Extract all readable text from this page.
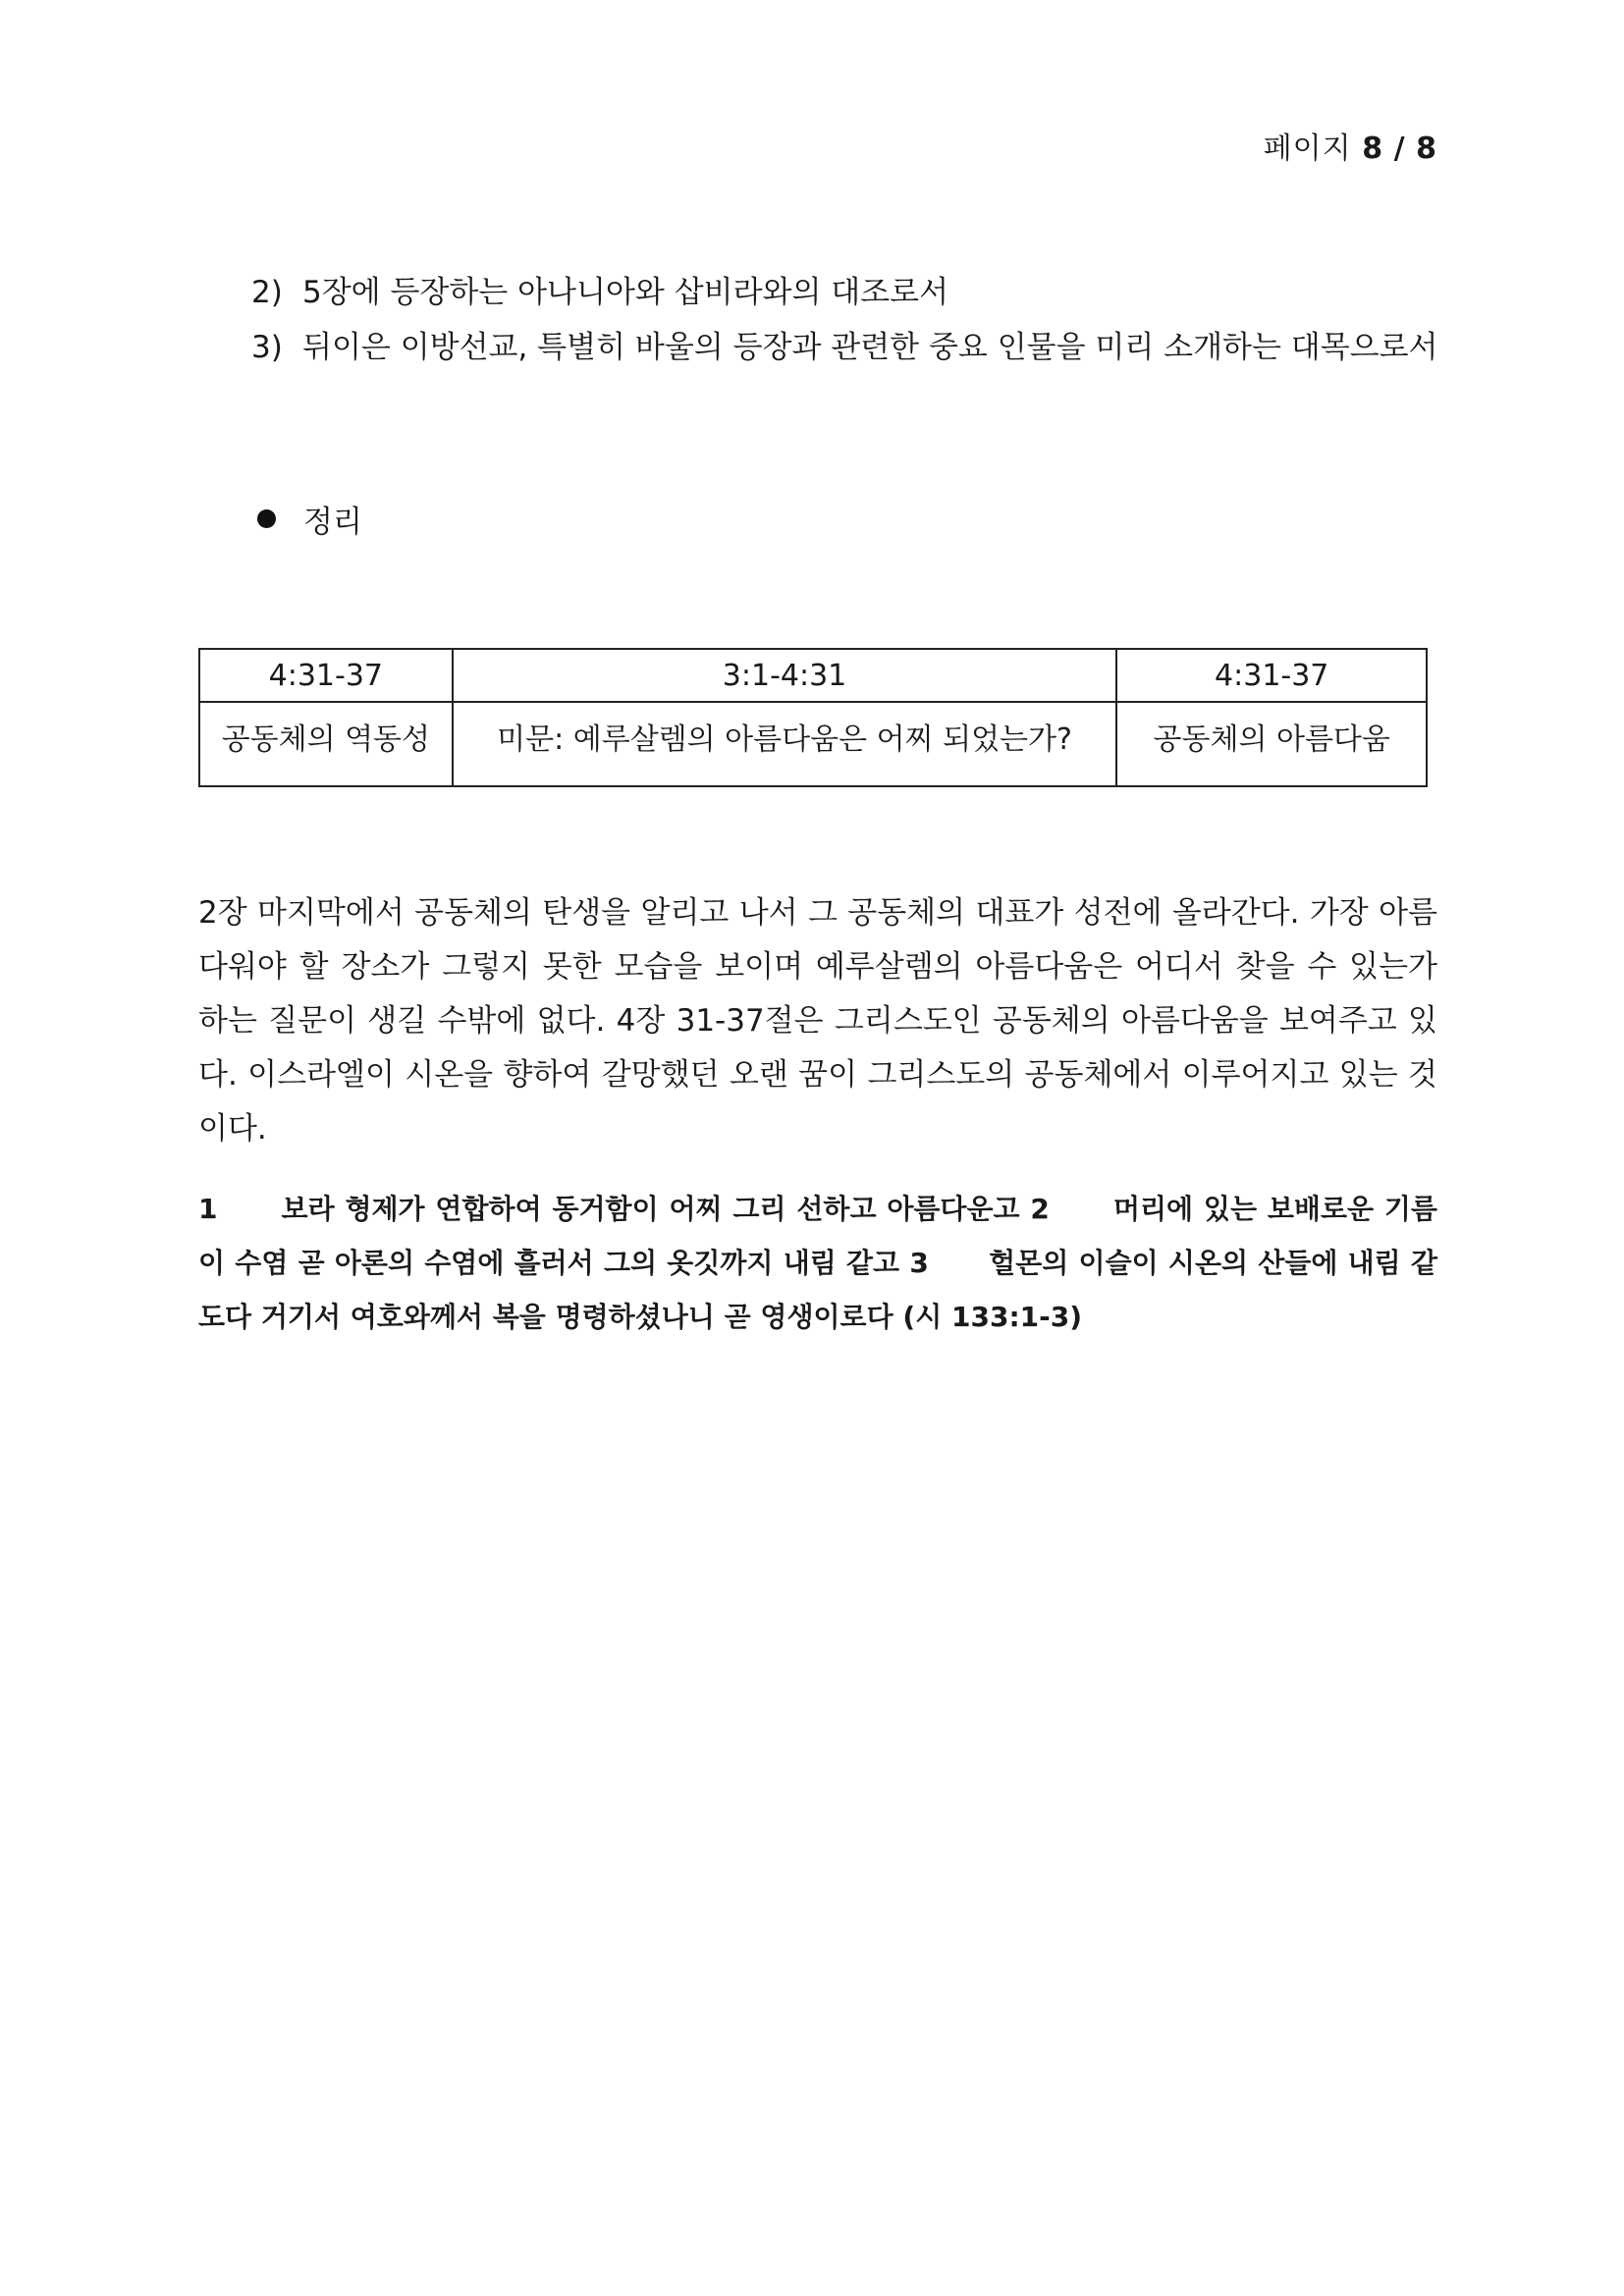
페이지 8 / 8
2) 5장에 등장하는 아나니아와 삽비라와의 대조로서
3) 뒤이은 이방선교, 특별히 바울의 등장과 관련한 중요 인물을 미리 소개하는 대목으로서
정리
4:31-37	3:1-4:31	4:31-37
공동체의 역동성	미문: 예루살렘의 아름다움은 어찌 되었는가?	공동체의 아름다움

2장 마지막에서 공동체의 탄생을 알리고 나서 그 공동체의 대표가 성전에 올라간다. 가장 아름다워야 할 장소가 그렇지 못한 모습을 보이며 예루살렘의 아름다움은 어디서 찾을 수 있는가 하는 질문이 생길 수밖에 없다. 4장 31-37절은 그리스도인 공동체의 아름다움을 보여주고 있다. 이스라엘이 시온을 향하여 갈망했던 오랜 꿈이 그리스도의 공동체에서 이루어지고 있는 것이다.

1 보라 형제가 연합하여 동거함이 어찌 그리 선하고 아름다운고 2 머리에 있는 보배로운 기름이 수염 곧 아론의 수염에 흘러서 그의 옷깃까지 내림 같고 3 헐몬의 이슬이 시온의 산들에 내림 같도다 거기서 여호와께서 복을 명령하셨나니 곧 영생이로다 (시 133:1-3)
